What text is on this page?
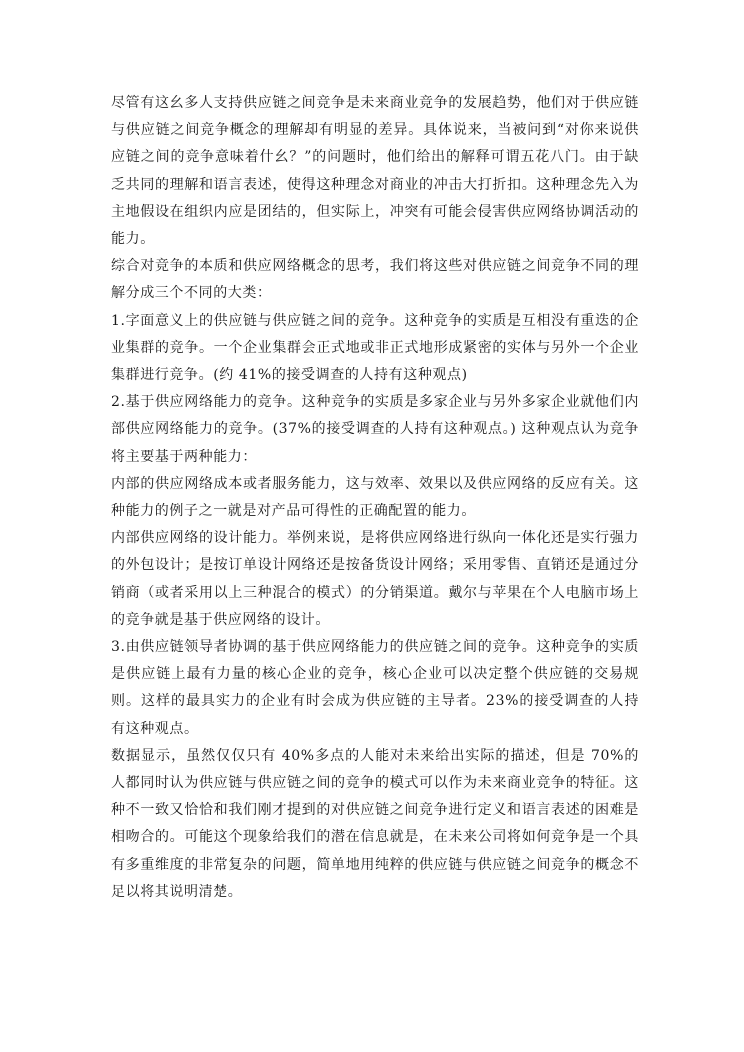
尽管有这幺多人支持供应链之间竞争是未来商业竞争的发展趋势，他们对于供应链与供应链之间竞争概念的理解却有明显的差异。具体说来，当被问到“对你来说供应链之间的竞争意味着什幺？”的问题时，他们给出的解释可谓五花八门。由于缺乏共同的理解和语言表述，使得这种理念对商业的冲击大打折扣。这种理念先入为主地假设在组织内应是团结的，但实际上，冲突有可能会侵害供应网络协调活动的能力。

综合对竞争的本质和供应网络概念的思考，我们将这些对供应链之间竞争不同的理解分成三个不同的大类：

1.字面意义上的供应链与供应链之间的竞争。这种竞争的实质是互相没有重迭的企业集群的竞争。一个企业集群会正式地或非正式地形成紧密的实体与另外一个企业集群进行竞争。(约 41%的接受调查的人持有这种观点)

2.基于供应网络能力的竞争。这种竞争的实质是多家企业与另外多家企业就他们内部供应网络能力的竞争。(37%的接受调查的人持有这种观点。) 这种观点认为竞争将主要基于两种能力：

内部的供应网络成本或者服务能力，这与效率、效果以及供应网络的反应有关。这种能力的例子之一就是对产品可得性的正确配置的能力。

内部供应网络的设计能力。举例来说，是将供应网络进行纵向一体化还是实行强力的外包设计；是按订单设计网络还是按备货设计网络；采用零售、直销还是通过分销商（或者采用以上三种混合的模式）的分销渠道。戴尔与苹果在个人电脑市场上的竞争就是基于供应网络的设计。

3.由供应链领导者协调的基于供应网络能力的供应链之间的竞争。这种竞争的实质是供应链上最有力量的核心企业的竞争，核心企业可以决定整个供应链的交易规则。这样的最具实力的企业有时会成为供应链的主导者。23%的接受调查的人持有这种观点。

数据显示，虽然仅仅只有 40%多点的人能对未来给出实际的描述，但是 70%的人都同时认为供应链与供应链之间的竞争的模式可以作为未来商业竞争的特征。这种不一致又恰恰和我们刚才提到的对供应链之间竞争进行定义和语言表述的困难是相吻合的。可能这个现象给我们的潜在信息就是，在未来公司将如何竞争是一个具有多重维度的非常复杂的问题，简单地用纯粹的供应链与供应链之间竞争的概念不足以将其说明清楚。
